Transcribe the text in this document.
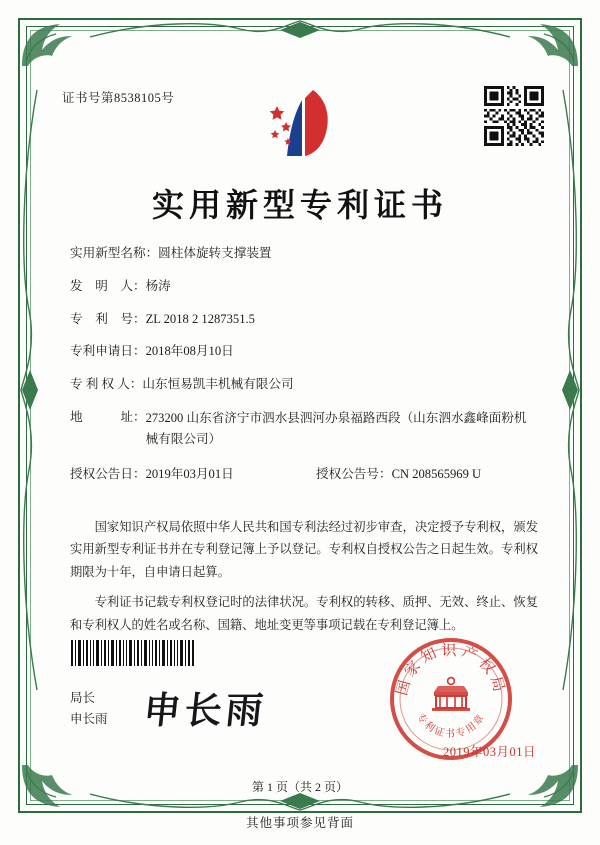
证书号第8538105号
实用新型专利证书
实用新型名称： 圆柱体旋转支撑装置
发　明　人： 杨涛
专　利　号： ZL 2018 2 1287351.5
专利申请日： 2018年08月10日
专 利 权 人： 山东恒易凯丰机械有限公司
地　　　址： 273200 山东省济宁市泗水县泗河办泉福路西段（山东泗水鑫峰面粉机械有限公司）
授权公告日： 2019年03月01日	授权公告号： CN 208565969 U

国家知识产权局依照中华人民共和国专利法经过初步审查，决定授予专利权，颁发实用新型专利证书并在专利登记簿上予以登记。专利权自授权公告之日起生效。专利权期限为十年，自申请日起算。

专利证书记载专利权登记时的法律状况。专利权的转移、质押、无效、终止、恢复和专利权人的姓名或名称、国籍、地址变更等事项记载在专利登记簿上。

局长
申长雨 申长雨
国家知识产权局
专利证书专用章
2019年03月01日
第 1 页（共 2 页）
其他事项参见背面
